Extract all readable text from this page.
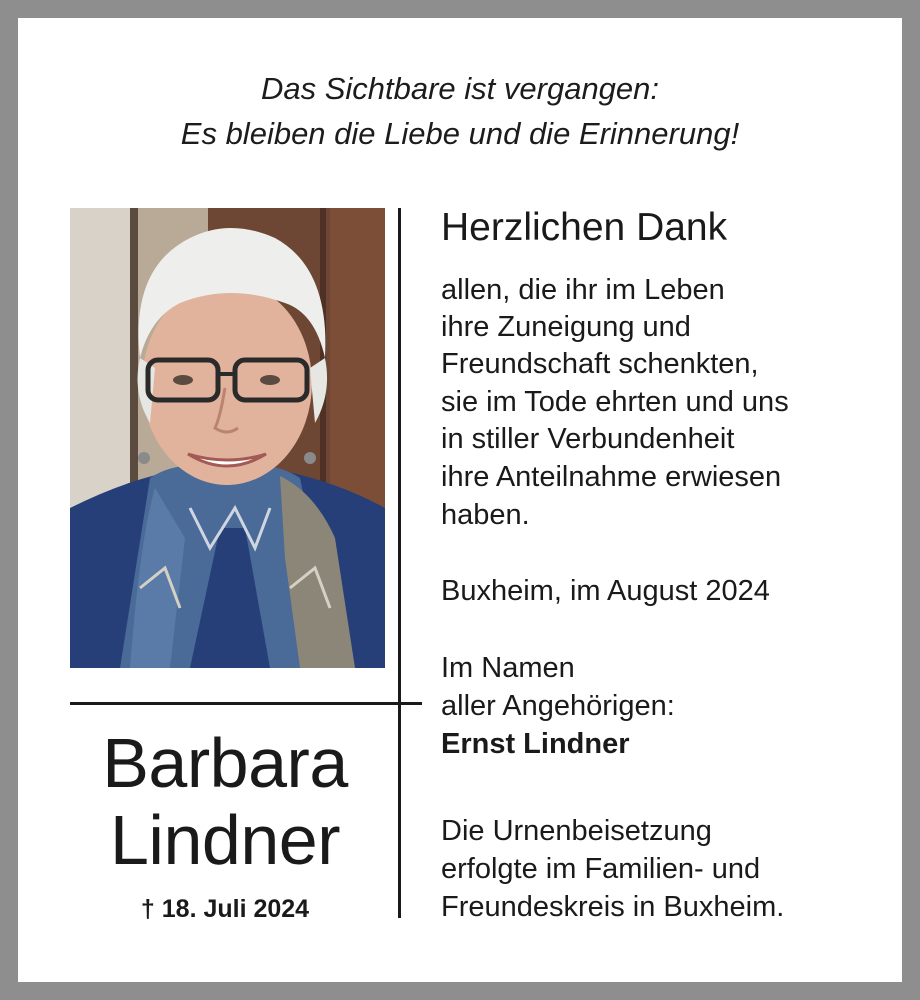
Das Sichtbare ist vergangen:
Es bleiben die Liebe und die Erinnerung!
Barbara
Lindner
† 18. Juli 2024
Herzlichen Dank
allen, die ihr im Leben
ihre Zuneigung und
Freundschaft schenkten,
sie im Tode ehrten und uns
in stiller Verbundenheit
ihre Anteilnahme erwiesen
haben.
Buxheim, im August 2024
Im Namen
aller Angehörigen:
Ernst Lindner
Die Urnenbeisetzung
erfolgte im Familien- und
Freundeskreis in Buxheim.
